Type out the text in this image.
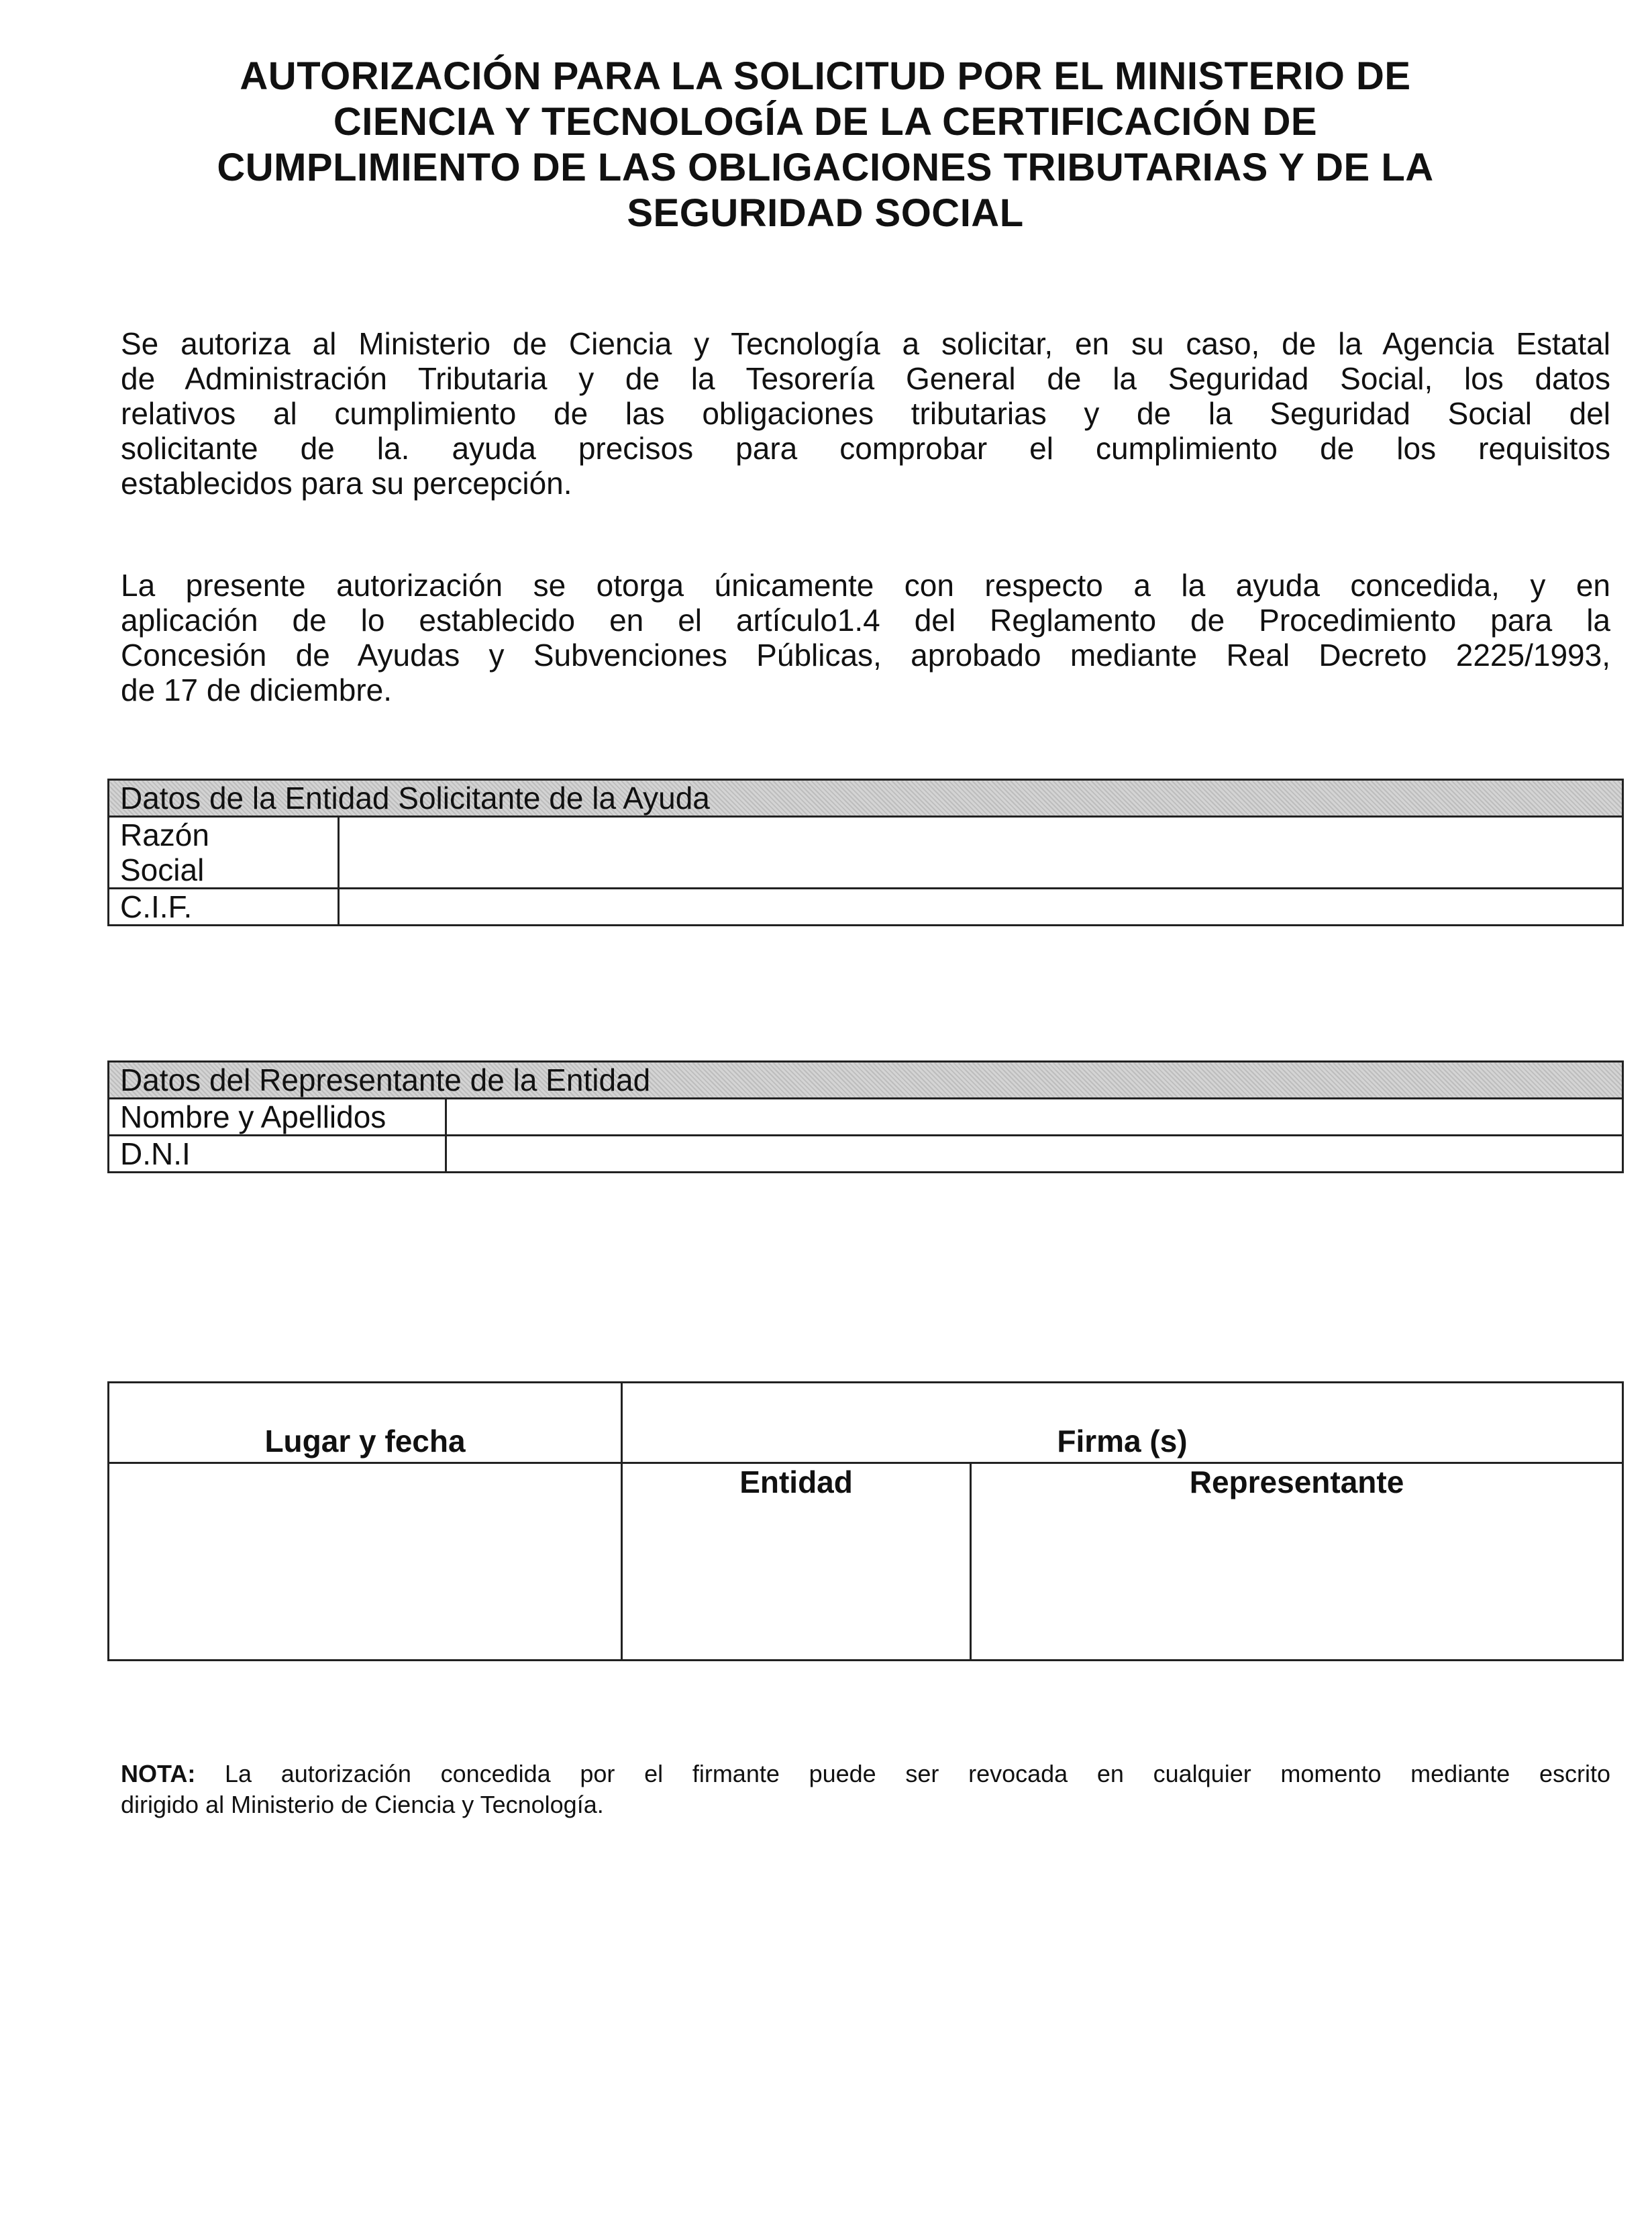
AUTORIZACIÓN PARA LA SOLICITUD POR EL MINISTERIO DE
CIENCIA Y TECNOLOGÍA DE LA CERTIFICACIÓN DE
CUMPLIMIENTO DE LAS OBLIGACIONES TRIBUTARIAS Y DE LA
SEGURIDAD SOCIAL
Se autoriza al Ministerio de Ciencia y Tecnología a solicitar, en su caso, de la Agencia Estatal
de Administración Tributaria y de la Tesorería General de la Seguridad Social, los datos
relativos al cumplimiento de las obligaciones tributarias y de la Seguridad Social del
solicitante de la. ayuda precisos para comprobar el cumplimiento de los requisitos
establecidos para su percepción.
La presente autorización se otorga únicamente con respecto a la ayuda concedida, y en
aplicación de lo establecido en el artículo1.4 del Reglamento de Procedimiento para la
Concesión de Ayudas y Subvenciones Públicas, aprobado mediante Real Decreto 2225/1993,
de 17 de diciembre.
Datos de la Entidad Solicitante de la Ayuda	

Razón
Social	

C.I.F.	
Datos del Representante de la Entidad	
Nombre y Apellidos	
D.N.I	
Lugar y fecha	Firma (s)	
	Entidad	Representante
NOTA: La autorización concedida por el firmante puede ser revocada en cualquier momento mediante escrito
dirigido al Ministerio de Ciencia y Tecnología.
